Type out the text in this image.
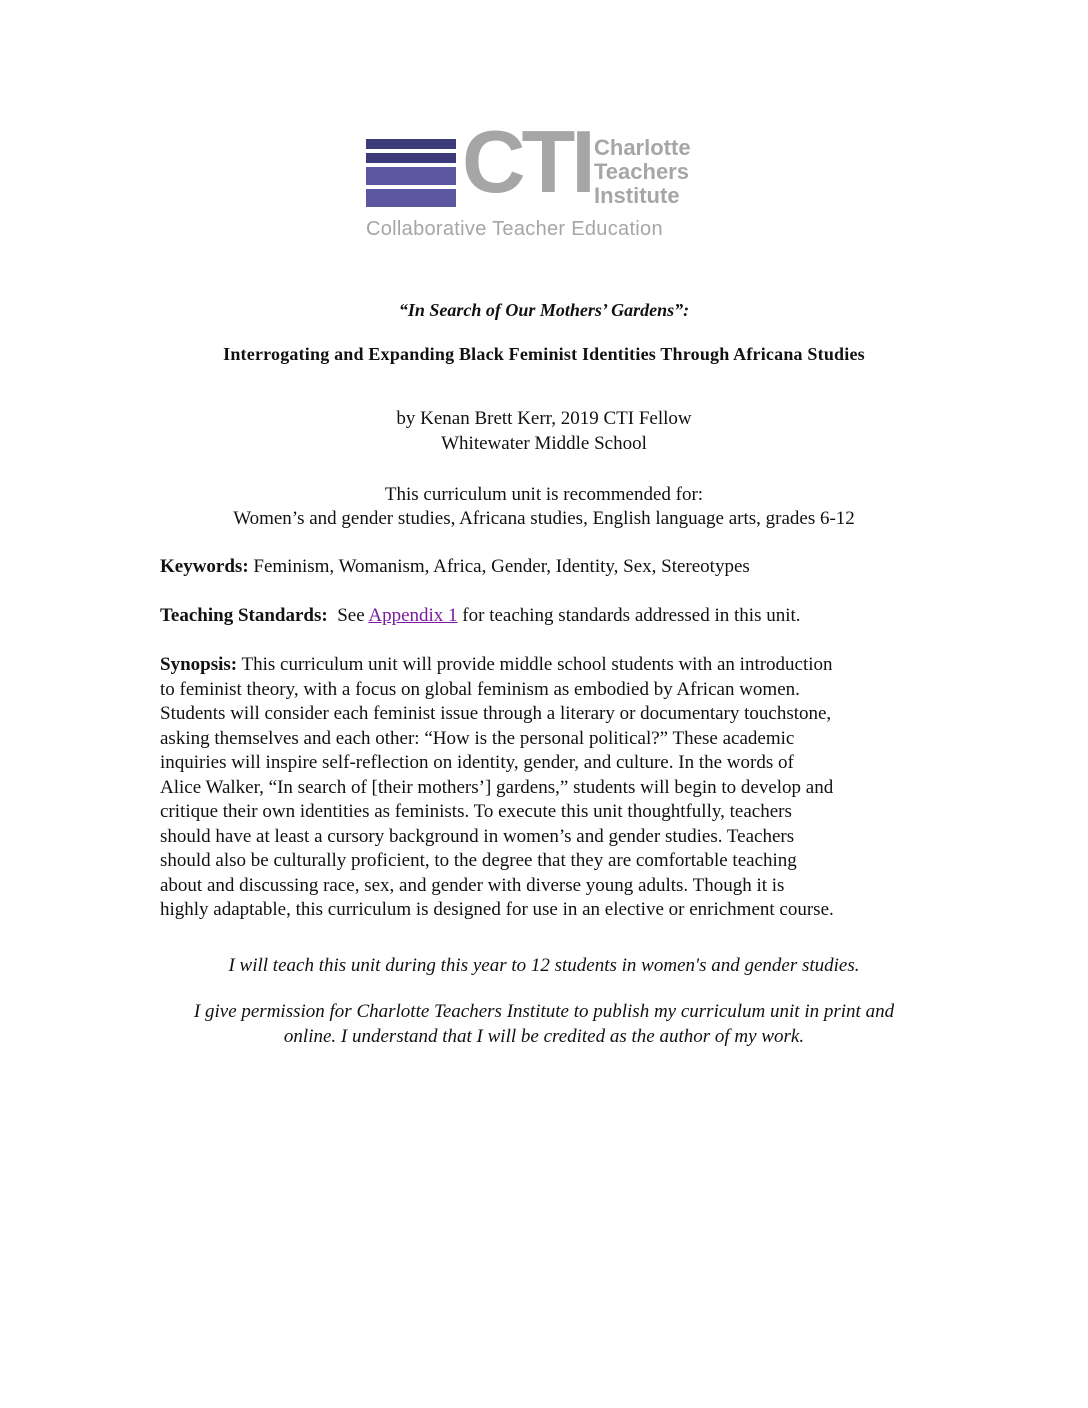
CTI Charlotte
Teachers
Institute
Collaborative Teacher Education
“In Search of Our Mothers’ Gardens”:
Interrogating and Expanding Black Feminist Identities Through Africana Studies
by Kenan Brett Kerr, 2019 CTI Fellow
Whitewater Middle School
This curriculum unit is recommended for:
Women’s and gender studies, Africana studies, English language arts, grades 6-12
Keywords: Feminism, Womanism, Africa, Gender, Identity, Sex, Stereotypes
Teaching Standards:  See Appendix 1 for teaching standards addressed in this unit.
Synopsis: This curriculum unit will provide middle school students with an introduction
to feminist theory, with a focus on global feminism as embodied by African women.
Students will consider each feminist issue through a literary or documentary touchstone,
asking themselves and each other: “How is the personal political?” These academic
inquiries will inspire self-reflection on identity, gender, and culture. In the words of
Alice Walker, “In search of [their mothers’] gardens,” students will begin to develop and
critique their own identities as feminists. To execute this unit thoughtfully, teachers
should have at least a cursory background in women’s and gender studies. Teachers
should also be culturally proficient, to the degree that they are comfortable teaching
about and discussing race, sex, and gender with diverse young adults. Though it is
highly adaptable, this curriculum is designed for use in an elective or enrichment course.
I will teach this unit during this year to 12 students in women's and gender studies.
I give permission for Charlotte Teachers Institute to publish my curriculum unit in print and
online. I understand that I will be credited as the author of my work.
